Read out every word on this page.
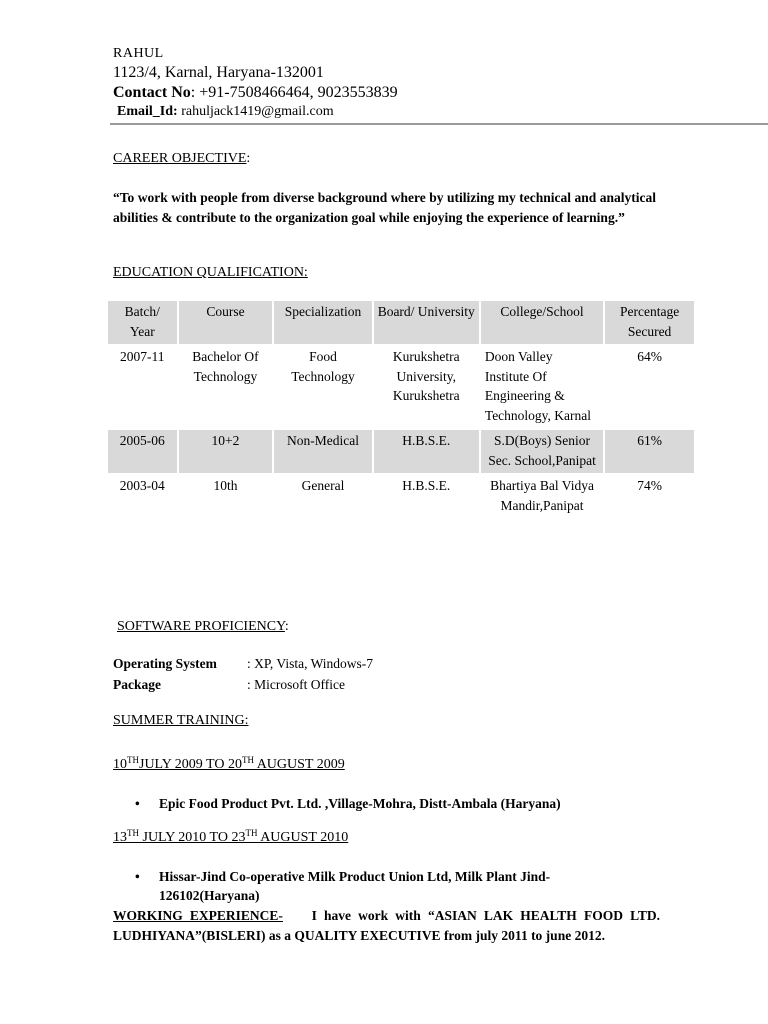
RAHUL
1123/4, Karnal, Haryana-132001
Contact No: +91-7508466464, 9023553839
Email_Id: rahuljack1419@gmail.com
CAREER OBJECTIVE:
“To work with people from diverse background where by utilizing my technical and analytical abilities & contribute to the organization goal while enjoying the experience of learning.”
EDUCATION QUALIFICATION:
Batch/ Year	Course	Specialization	Board/ University	College/School	Percentage Secured
2007-11	Bachelor Of Technology	Food Technology	Kurukshetra University, Kurukshetra	Doon Valley Institute Of Engineering & Technology, Karnal	64%
2005-06	10+2	Non-Medical	H.B.S.E.	S.D(Boys) Senior Sec. School,Panipat	61%
2003-04	10th	General	H.B.S.E.	Bhartiya Bal Vidya Mandir,Panipat	74%
SOFTWARE PROFICIENCY:
Operating System : XP, Vista, Windows-7
Package	: Microsoft Office
SUMMER TRAINING:
10THJULY 2009 TO 20TH AUGUST 2009
• Epic Food Product Pvt. Ltd. ,Village-Mohra, Distt-Ambala (Haryana)
13TH JULY 2010 TO 23TH AUGUST 2010
• Hissar-Jind Co-operative Milk Product Union Ltd, Milk Plant Jind-126102(Haryana)
WORKING EXPERIENCE-    I have work with “ASIAN LAK HEALTH FOOD LTD. LUDHIYANA”(BISLERI) as a QUALITY EXECUTIVE from july 2011 to june 2012.
